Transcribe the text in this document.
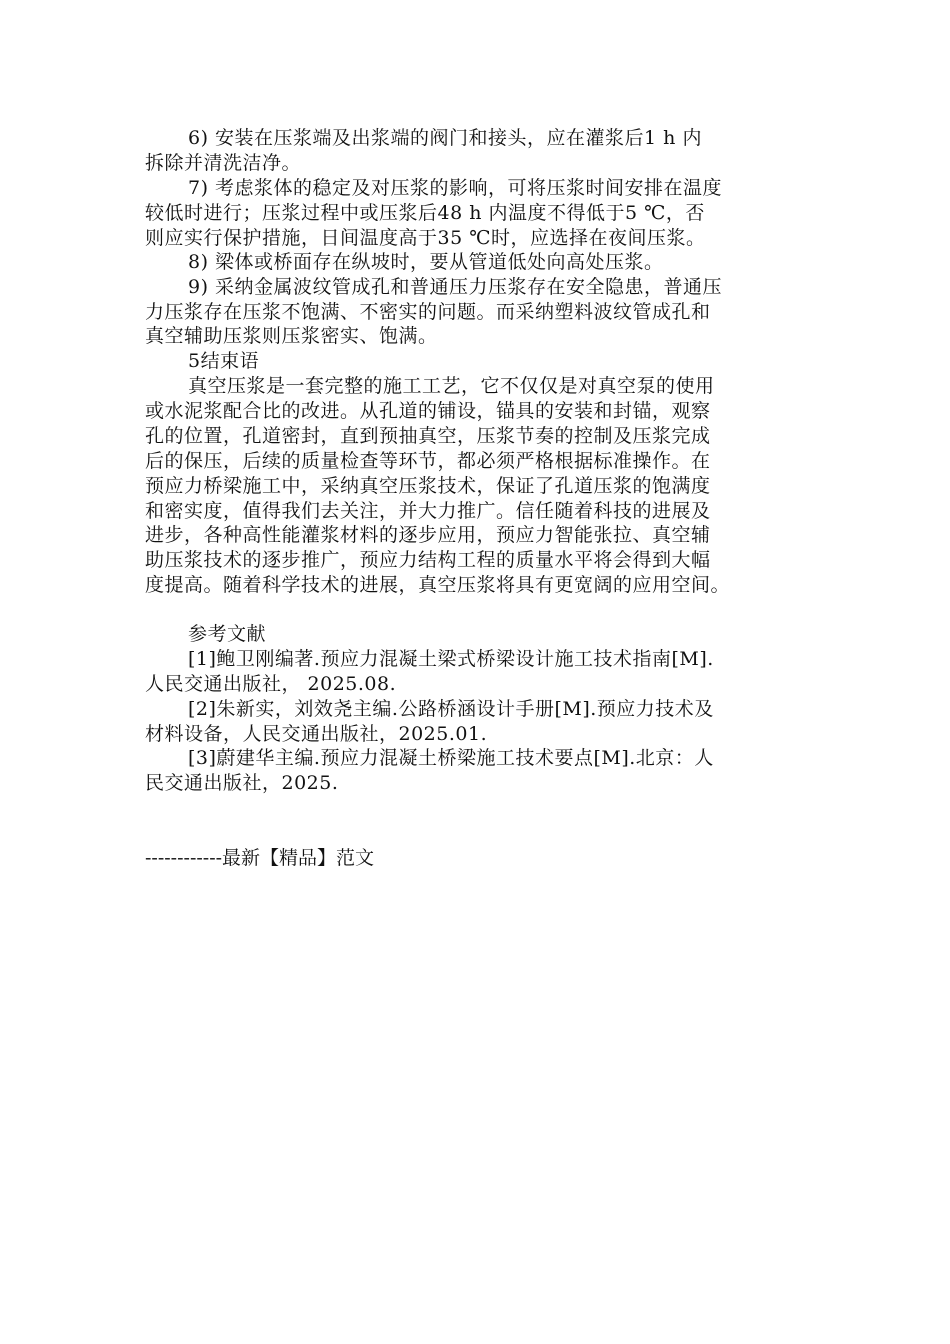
6) 安装在压浆端及出浆端的阀门和接头，应在灌浆后1 h 内
拆除并清洗洁净。
7) 考虑浆体的稳定及对压浆的影响，可将压浆时间安排在温度
较低时进行；压浆过程中或压浆后48 h 内温度不得低于5 ℃，否
则应实行保护措施，日间温度高于35 ℃时，应选择在夜间压浆。
8) 梁体或桥面存在纵坡时，要从管道低处向高处压浆。
9) 采纳金属波纹管成孔和普通压力压浆存在安全隐患，普通压
力压浆存在压浆不饱满、不密实的问题。而采纳塑料波纹管成孔和
真空辅助压浆则压浆密实、饱满。
5结束语
真空压浆是一套完整的施工工艺，它不仅仅是对真空泵的使用
或水泥浆配合比的改进。从孔道的铺设，锚具的安装和封锚，观察
孔的位置，孔道密封，直到预抽真空，压浆节奏的控制及压浆完成
后的保压，后续的质量检查等环节，都必须严格根据标准操作。在
预应力桥梁施工中，采纳真空压浆技术，保证了孔道压浆的饱满度
和密实度，值得我们去关注，并大力推广。信任随着科技的进展及
进步，各种高性能灌浆材料的逐步应用，预应力智能张拉、真空辅
助压浆技术的逐步推广，预应力结构工程的质量水平将会得到大幅
度提高。随着科学技术的进展，真空压浆将具有更宽阔的应用空间。
参考文献
[1]鲍卫刚编著.预应力混凝土梁式桥梁设计施工技术指南[M].
人民交通出版社， 2025.08.
[2]朱新实，刘效尧主编.公路桥涵设计手册[M].预应力技术及
材料设备，人民交通出版社，2025.01.
[3]蔚建华主编.预应力混凝土桥梁施工技术要点[M].北京：人
民交通出版社，2025.
------------最新【精品】范文
